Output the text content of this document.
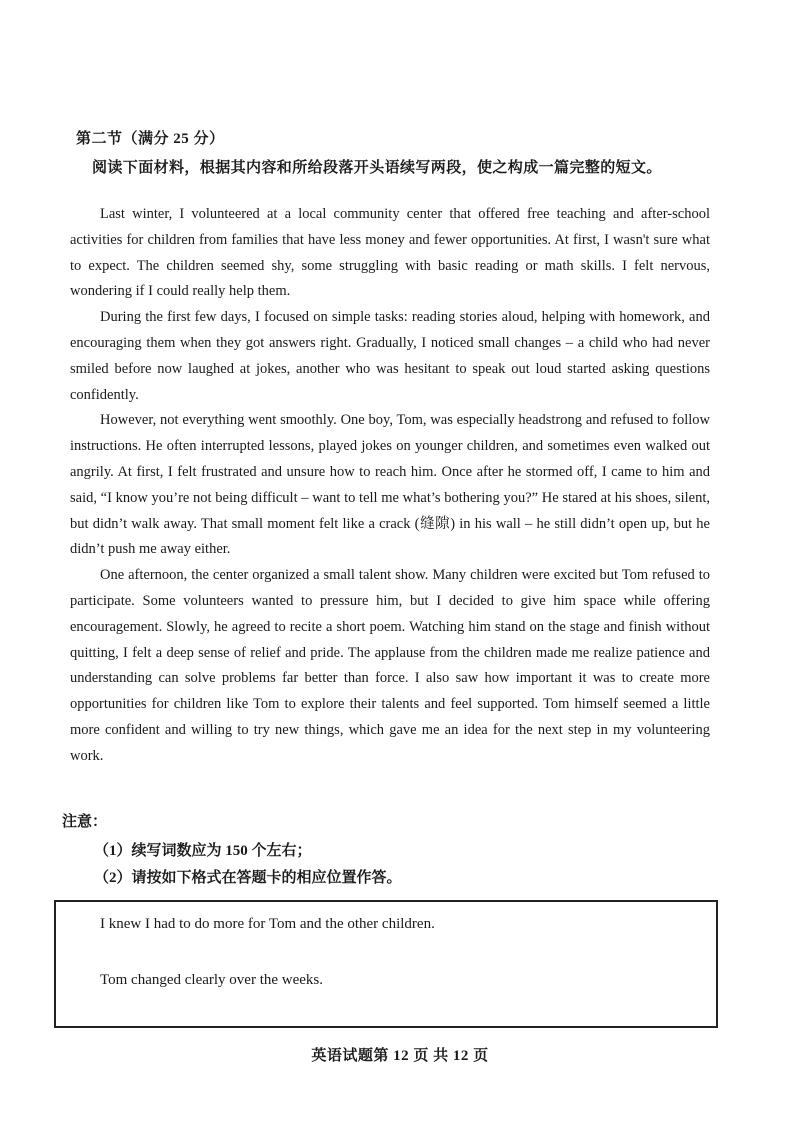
第二节（满分 25 分）
阅读下面材料，根据其内容和所给段落开头语续写两段，使之构成一篇完整的短文。

Last winter, I volunteered at a local community center that offered free teaching and after-school activities for children from families that have less money and fewer opportunities. At first, I wasn't sure what to expect. The children seemed shy, some struggling with basic reading or math skills. I felt nervous, wondering if I could really help them.

During the first few days, I focused on simple tasks: reading stories aloud, helping with homework, and encouraging them when they got answers right. Gradually, I noticed small changes – a child who had never smiled before now laughed at jokes, another who was hesitant to speak out loud started asking questions confidently.

However, not everything went smoothly. One boy, Tom, was especially headstrong and refused to follow instructions. He often interrupted lessons, played jokes on younger children, and sometimes even walked out angrily. At first, I felt frustrated and unsure how to reach him. Once after he stormed off, I came to him and said, “I know you’re not being difficult – want to tell me what’s bothering you?” He stared at his shoes, silent, but didn’t walk away. That small moment felt like a crack (缝隙) in his wall – he still didn’t open up, but he didn’t push me away either.

One afternoon, the center organized a small talent show. Many children were excited but Tom refused to participate. Some volunteers wanted to pressure him, but I decided to give him space while offering encouragement. Slowly, he agreed to recite a short poem. Watching him stand on the stage and finish without quitting, I felt a deep sense of relief and pride. The applause from the children made me realize patience and understanding can solve problems far better than force. I also saw how important it was to create more opportunities for children like Tom to explore their talents and feel supported. Tom himself seemed a little more confident and willing to try new things, which gave me an idea for the next step in my volunteering work.

注意：
（1）续写词数应为 150 个左右；
（2）请按如下格式在答题卡的相应位置作答。
I knew I had to do more for Tom and the other children.
Tom changed clearly over the weeks.
英语试题第 12 页 共 12 页
